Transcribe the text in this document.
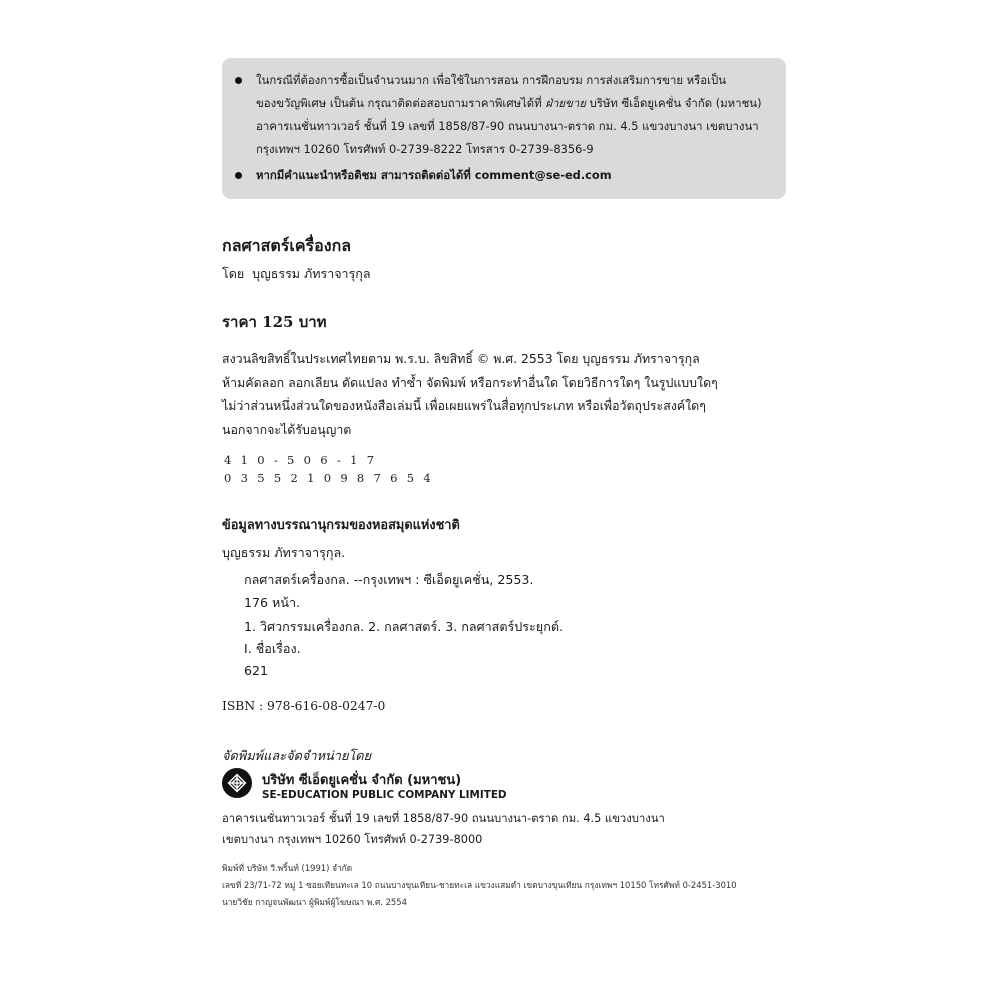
ในกรณีที่ต้องการซื้อเป็นจำนวนมาก เพื่อใช้ในการสอน การฝึกอบรม การส่งเสริมการขาย หรือเป็น
ของขวัญพิเศษ เป็นต้น กรุณาติดต่อสอบถามราคาพิเศษได้ที่ ฝ่ายขาย บริษัท ซีเอ็ดยูเคชั่น จำกัด (มหาชน)
อาคารเนชั่นทาวเวอร์ ชั้นที่ 19 เลขที่ 1858/87-90 ถนนบางนา-ตราด กม. 4.5 แขวงบางนา เขตบางนา
กรุงเทพฯ 10260 โทรศัพท์ 0-2739-8222 โทรสาร 0-2739-8356-9
หากมีคำแนะนำหรือติชม สามารถติดต่อได้ที่ comment@se-ed.com
กลศาสตร์เครื่องกล
โดย บุญธรรม ภัทราจารุกุล
ราคา 125 บาท
สงวนลิขสิทธิ์ในประเทศไทยตาม พ.ร.บ. ลิขสิทธิ์ © พ.ศ. 2553 โดย บุญธรรม ภัทราจารุกุล
ห้ามคัดลอก ลอกเลียน ดัดแปลง ทำซ้ำ จัดพิมพ์ หรือกระทำอื่นใด โดยวิธีการใดๆ ในรูปแบบใดๆ
ไม่ว่าส่วนหนึ่งส่วนใดของหนังสือเล่มนี้ เพื่อเผยแพร่ในสื่อทุกประเภท หรือเพื่อวัตถุประสงค์ใดๆ
นอกจากจะได้รับอนุญาต
410-506-17
0355210987654
ข้อมูลทางบรรณานุกรมของหอสมุดแห่งชาติ
บุญธรรม ภัทราจารุกุล.
กลศาสตร์เครื่องกล. --กรุงเทพฯ : ซีเอ็ดยูเคชั่น, 2553.
176 หน้า.
1. วิศวกรรมเครื่องกล. 2. กลศาสตร์. 3. กลศาสตร์ประยุกต์.
I. ชื่อเรื่อง.
621
ISBN : 978-616-08-0247-0
จัดพิมพ์และจัดจำหน่ายโดย
บริษัท ซีเอ็ดยูเคชั่น จำกัด (มหาชน)
SE-EDUCATION PUBLIC COMPANY LIMITED
อาคารเนชั่นทาวเวอร์ ชั้นที่ 19 เลขที่ 1858/87-90 ถนนบางนา-ตราด กม. 4.5 แขวงบางนา
เขตบางนา กรุงเทพฯ 10260 โทรศัพท์ 0-2739-8000
พิมพ์ที่ บริษัท วี.พริ้นท์ (1991) จำกัด
เลขที่ 23/71-72 หมู่ 1 ซอยเทียนทะเล 10 ถนนบางขุนเทียน-ชายทะเล แขวงแสมดำ เขตบางขุนเทียน กรุงเทพฯ 10150 โทรศัพท์ 0-2451-3010
นายวิชัย กาญจนพัฒนา ผู้พิมพ์ผู้โฆษณา พ.ศ. 2554
